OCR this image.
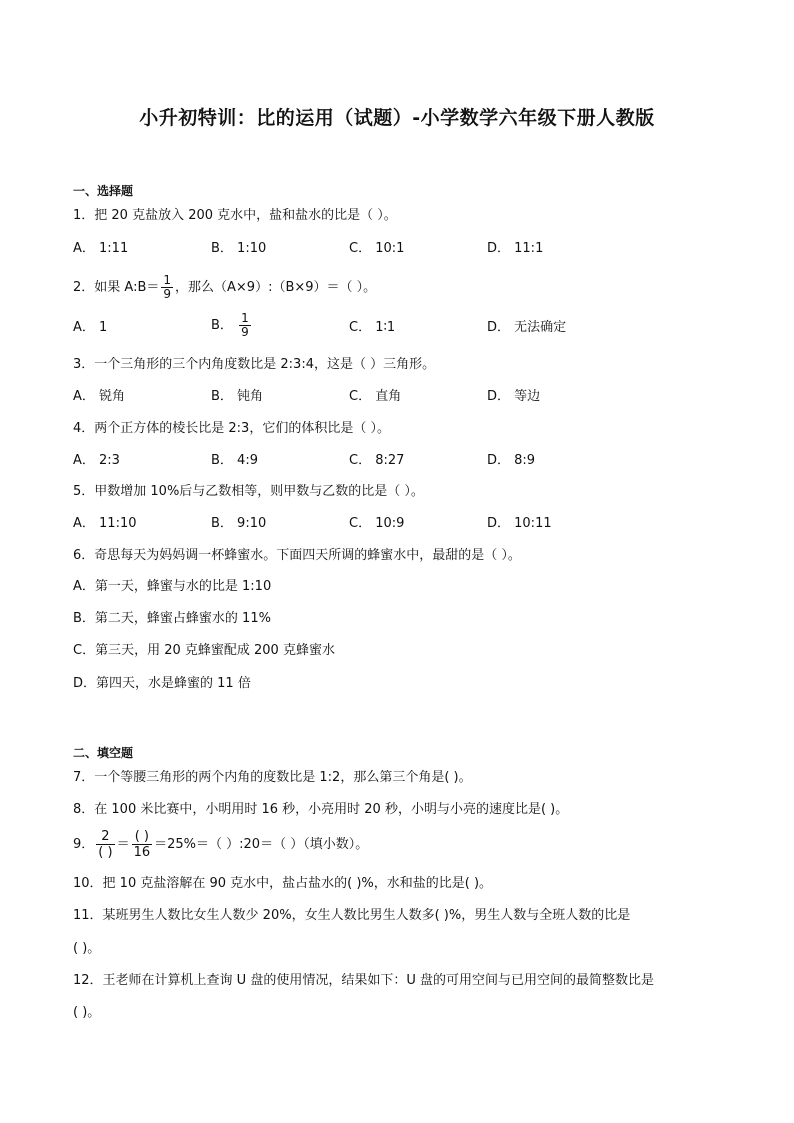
小升初特训：比的运用（试题）-小学数学六年级下册人教版
一、选择题
1．把 20 克盐放入 200 克水中，盐和盐水的比是（ ）。
A． 1:11	B． 1:10	C． 10:1	D． 11:1
2．如果 A:B＝ $\frac{1}{9}$ ，那么（A×9）:（B×9）＝（ ）。
A． 1	B． $\frac{1}{9}$	C． 1∶1	D． 无法确定
3．一个三角形的三个内角度数比是 2:3:4，这是（ ）三角形。
A． 锐角	B． 钝角	C． 直角	D． 等边
4．两个正方体的棱长比是 2:3，它们的体积比是（ ）。
A． 2:3	B． 4:9	C． 8:27	D． 8:9
5．甲数增加 10%后与乙数相等，则甲数与乙数的比是（ ）。
A． 11:10	B． 9:10	C． 10:9	D． 10:11
6．奇思每天为妈妈调一杯蜂蜜水。下面四天所调的蜂蜜水中，最甜的是（ ）。
A．第一天，蜂蜜与水的比是 1:10
B．第二天，蜂蜜占蜂蜜水的 11%
C．第三天，用 20 克蜂蜜配成 200 克蜂蜜水
D．第四天，水是蜂蜜的 11 倍
二、填空题
7．一个等腰三角形的两个内角的度数比是 1:2，那么第三个角是( )。
8．在 100 米比赛中，小明用时 16 秒，小亮用时 20 秒，小明与小亮的速度比是( )。
9． $\frac{2}{( )} = \frac{( )}{16} =25\%=$（ ）:20＝（ ）（填小数）。
10．把 10 克盐溶解在 90 克水中，盐占盐水的( )%，水和盐的比是( )。
11．某班男生人数比女生人数少 20%，女生人数比男生人数多( )%，男生人数与全班人数的比是
( )。
12．王老师在计算机上查询 U 盘的使用情况，结果如下：U 盘的可用空间与已用空间的最简整数比是
( )。
